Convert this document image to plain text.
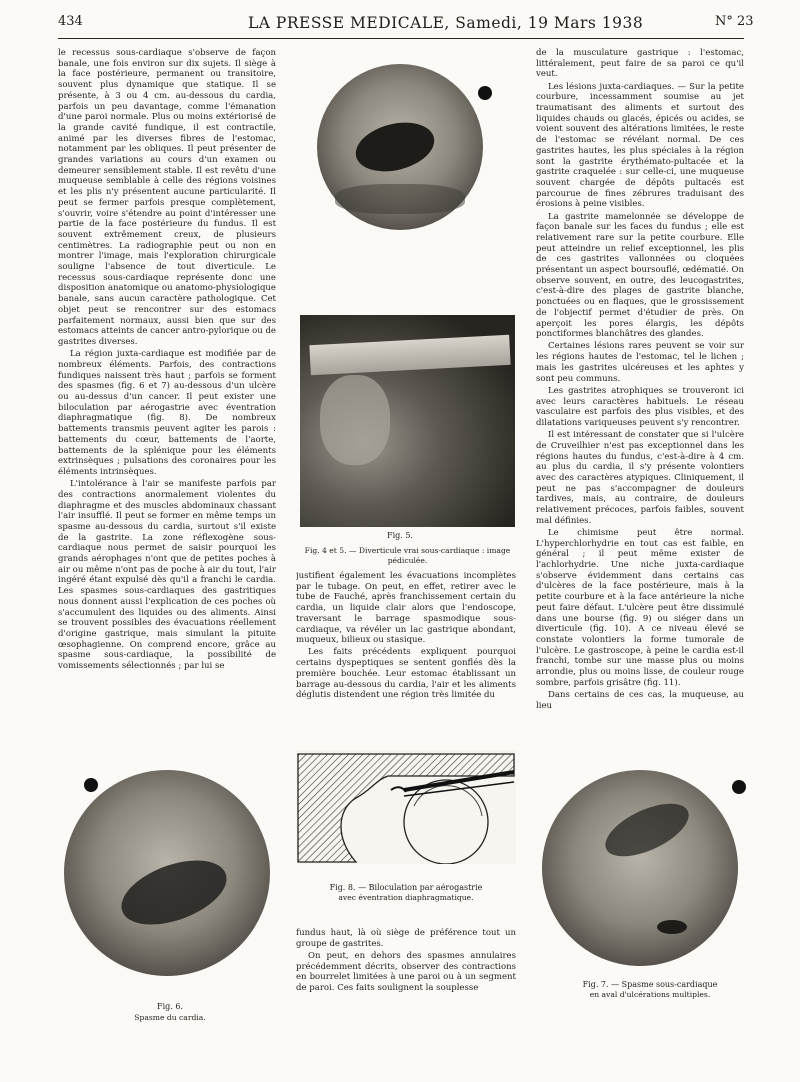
434	LA PRESSE MEDICALE, Samedi, 19 Mars 1938	N° 23

le recessus sous-cardiaque s'observe de façon banale, une fois environ sur dix sujets. Il siège à la face postérieure, permanent ou transitoire, souvent plus dynamique que statique. Il se présente, à 3 ou 4 cm. au-dessous du cardia, parfois un peu davantage, comme l'émanation d'une paroi normale. Plus ou moins extériorisé de la grande cavité fundique, il est contractile, animé par les diverses fibres de l'estomac, notamment par les obliques. Il peut présenter de grandes variations au cours d'un examen ou demeurer sensiblement stable. Il est revêtu d'une muqueuse semblable à celle des régions voisines et les plis n'y présentent aucune particularité. Il peut se fermer parfois presque complètement, s'ouvrir, voire s'étendre au point d'intéresser une partie de la face postérieure du fundus. Il est souvent extrêmement creux, de plusieurs centimètres. La radiographie peut ou non en montrer l'image, mais l'exploration chirurgicale souligne l'absence de tout diverticule. Le recessus sous-cardiaque représente donc une disposition anatomique ou anatomo-physiologique banale, sans aucun caractère pathologique. Cet objet peut se rencontrer sur des estomacs parfaitement normaux, aussi bien que sur des estomacs atteints de cancer antro-pylorique ou de gastrites diverses.

La région juxta-cardiaque est modifiée par de nombreux éléments. Parfois, des contractions fundiques naissent très haut ; parfois se forment des spasmes (fig. 6 et 7) au-dessous d'un ulcère ou au-dessus d'un cancer. Il peut exister une biloculation par aérogastrie avec éventration diaphragmatique (fig. 8). De nombreux battements transmis peuvent agiter les parois : battements du cœur, battements de l'aorte, battements de la splénique pour les éléments extrinsèques ; pulsations des coronaires pour les éléments intrinsèques.

L'intolérance à l'air se manifeste parfois par des contractions anormalement violentes du diaphragme et des muscles abdominaux chassant l'air insufflé. Il peut se former en même temps un spasme au-dessous du cardia, surtout s'il existe de la gastrite. La zone réflexogène sous-cardiaque nous permet de saisir pourquoi les grands aérophages n'ont que de petites poches à air ou même n'ont pas de poche à air du tout, l'air ingéré étant expulsé dès qu'il a franchi le cardia. Les spasmes sous-cardiaques des gastritiques nous donnent aussi l'explication de ces poches où s'accumulent des liquides ou des aliments. Ainsi se trouvent possibles des évacuations réellement d'origine gastrique, mais simulant la pituite œsophagienne. On comprend encore, grâce au spasme sous-cardiaque, la possibilité de vomissements sélectionnés ; par lui se

Fig. 5.
Fig. 4 et 5. — Diverticule vrai sous-cardiaque : image pédiculée.

justifient également les évacuations incomplètes par le tubage. On peut, en effet, retirer avec le tube de Fauché, après franchissement certain du cardia, un liquide clair alors que l'endoscope, traversant le barrage spasmodique sous-cardiaque, va révéler un lac gastrique abondant, muqueux, bilieux ou stasique.

Les faits précédents expliquent pourquoi certains dyspeptiques se sentent gonflés dès la première bouchée. Leur estomac établissant un barrage au-dessous du cardia, l'air et les aliments déglutis distendent une région très limitée du

de la musculature gastrique : l'estomac, littéralement, peut faire de sa paroi ce qu'il veut.

Les lésions juxta-cardiaques. — Sur la petite courbure, incessamment soumise au jet traumatisant des aliments et surtout des liquides chauds ou glacés, épicés ou acides, se voient souvent des altérations limitées, le reste de l'estomac se révélant normal. De ces gastrites hautes, les plus spéciales à la région sont la gastrite érythémato-pultacée et la gastrite craquelée : sur celle-ci, une muqueuse souvent chargée de dépôts pultacés est parcourue de fines zébrures traduisant des érosions à peine visibles.

La gastrite mamelonnée se développe de façon banale sur les faces du fundus ; elle est relativement rare sur la petite courbure. Elle peut atteindre un relief exceptionnel, les plis de ces gastrites vallonnées ou cloquées présentant un aspect boursouflé, œdématié. On observe souvent, en outre, des leucogastrites, c'est-à-dire des plages de gastrite blanche, ponctuées ou en flaques, que le grossissement de l'objectif permet d'étudier de près. On aperçoit les pores élargis, les dépôts ponctiformes blanchâtres des glandes.

Certaines lésions rares peuvent se voir sur les régions hautes de l'estomac, tel le lichen ; mais les gastrites ulcéreuses et les aphtes y sont peu communs.

Les gastrites atrophiques se trouveront ici avec leurs caractères habituels. Le réseau vasculaire est parfois des plus visibles, et des dilatations variqueuses peuvent s'y rencontrer.

Il est intéressant de constater que si l'ulcère de Cruveilhier n'est pas exceptionnel dans les régions hautes du fundus, c'est-à-dire à 4 cm. au plus du cardia, il s'y présente volontiers avec des caractères atypiques. Cliniquement, il peut ne pas s'accompagner de douleurs tardives, mais, au contraire, de douleurs relativement précoces, parfois faibles, souvent mal définies.

Le chimisme peut être normal. L'hyperchlorhydrie en tout cas est faible, en général ; il peut même exister de l'achlorhydrie. Une niche juxta-cardiaque s'observe évidemment dans certains cas d'ulcères de la face postérieure, mais à la petite courbure et à la face antérieure la niche peut faire défaut. L'ulcère peut être dissimulé dans une bourse (fig. 9) ou siéger dans un diverticule (fig. 10). A ce niveau élevé se constate volontiers la forme tumorale de l'ulcère. Le gastroscope, à peine le cardia est-il franchi, tombe sur une masse plus ou moins arrondie, plus ou moins lisse, de couleur rouge sombre, parfois grisâtre (fig. 11).

Dans certains de ces cas, la muqueuse, au lieu

Fig. 6.
Spasme du cardia.
Fig. 8. — Biloculation par aérogastrie
avec éventration diaphragmatique.

fundus haut, là où siège de préférence tout un groupe de gastrites.

On peut, en dehors des spasmes annulaires précédemment décrits, observer des contractions en bourrelet limitées à une paroi ou à un segment de paroi. Ces faits soulignent la souplesse	Fig. 7. — Spasme sous-cardiaque
en aval d'ulcérations multiples.
